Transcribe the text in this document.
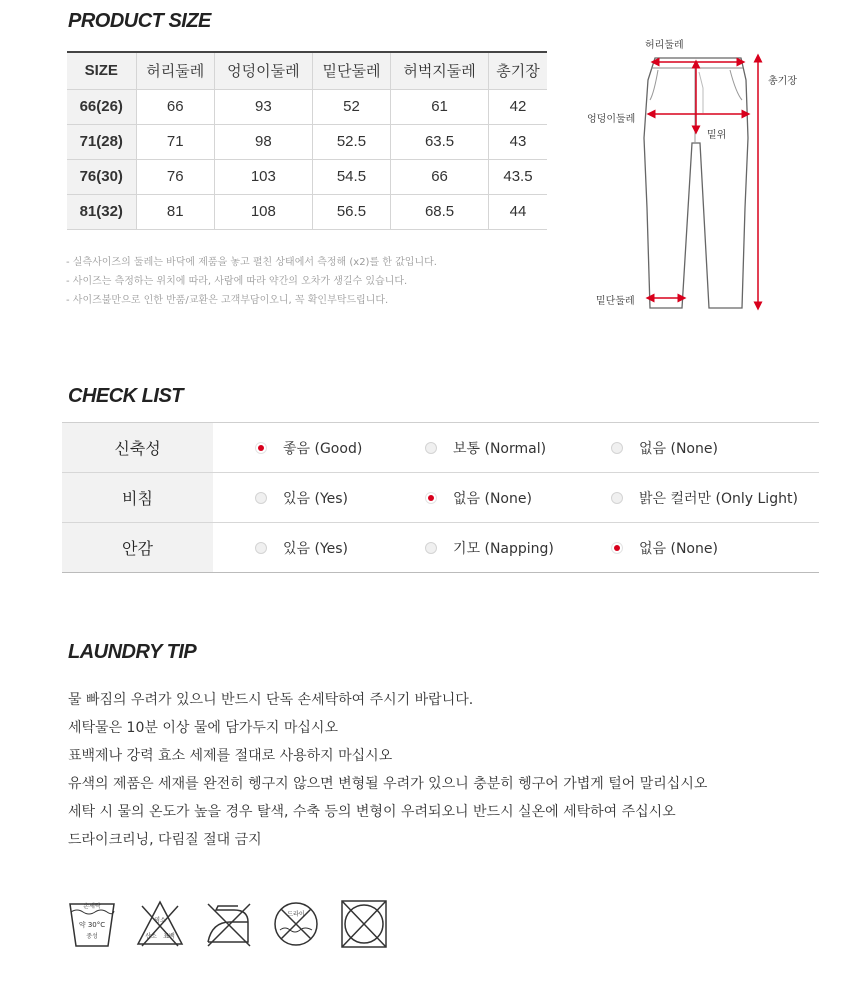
PRODUCT SIZE
SIZE	허리둘레	엉덩이둘레	밑단둘레	허벅지둘레	총기장
66(26)	66	93	52	61	42
71(28)	71	98	52.5	63.5	43
76(30)	76	103	54.5	66	43.5
81(32)	81	108	56.5	68.5	44
- 실측사이즈의 둘레는 바닥에 제품을 놓고 펼친 상태에서 측정해 (x2)를 한 값입니다.
- 사이즈는 측정하는 위치에 따라, 사람에 따라 약간의 오차가 생길수 있습니다.
- 사이즈불만으로 인한 반품/교환은 고객부담이오니, 꼭 확인부탁드립니다.
허리둘레
엉덩이둘레
밑위
밑단둘레
총기장
CHECK LIST
신축성	좋음 (Good)	보통 (Normal)	없음 (None)
비침	있음 (Yes)	없음 (None)	밝은 컬러만 (Only Light)
안감	있음 (Yes)	기모 (Napping)	없음 (None)
LAUNDRY TIP
물 빠짐의 우려가 있으니 반드시 단독 손세탁하여 주시기 바랍니다.
세탁물은 10분 이상 물에 담가두지 마십시오
표백제나 강력 효소 세제를 절대로 사용하지 마십시오
유색의 제품은 세재를 완전히 헹구지 않으면 변형될 우려가 있으니 충분히 헹구어 가볍게 털어 말리십시오
세탁 시 물의 온도가 높을 경우 탈색, 수축 등의 변형이 우려되오니 반드시 실온에 세탁하여 주십시오
드라이크리닝, 다림질 절대 금지
손세탁
약 30°C
중성
염소
산소 표백
드라이
